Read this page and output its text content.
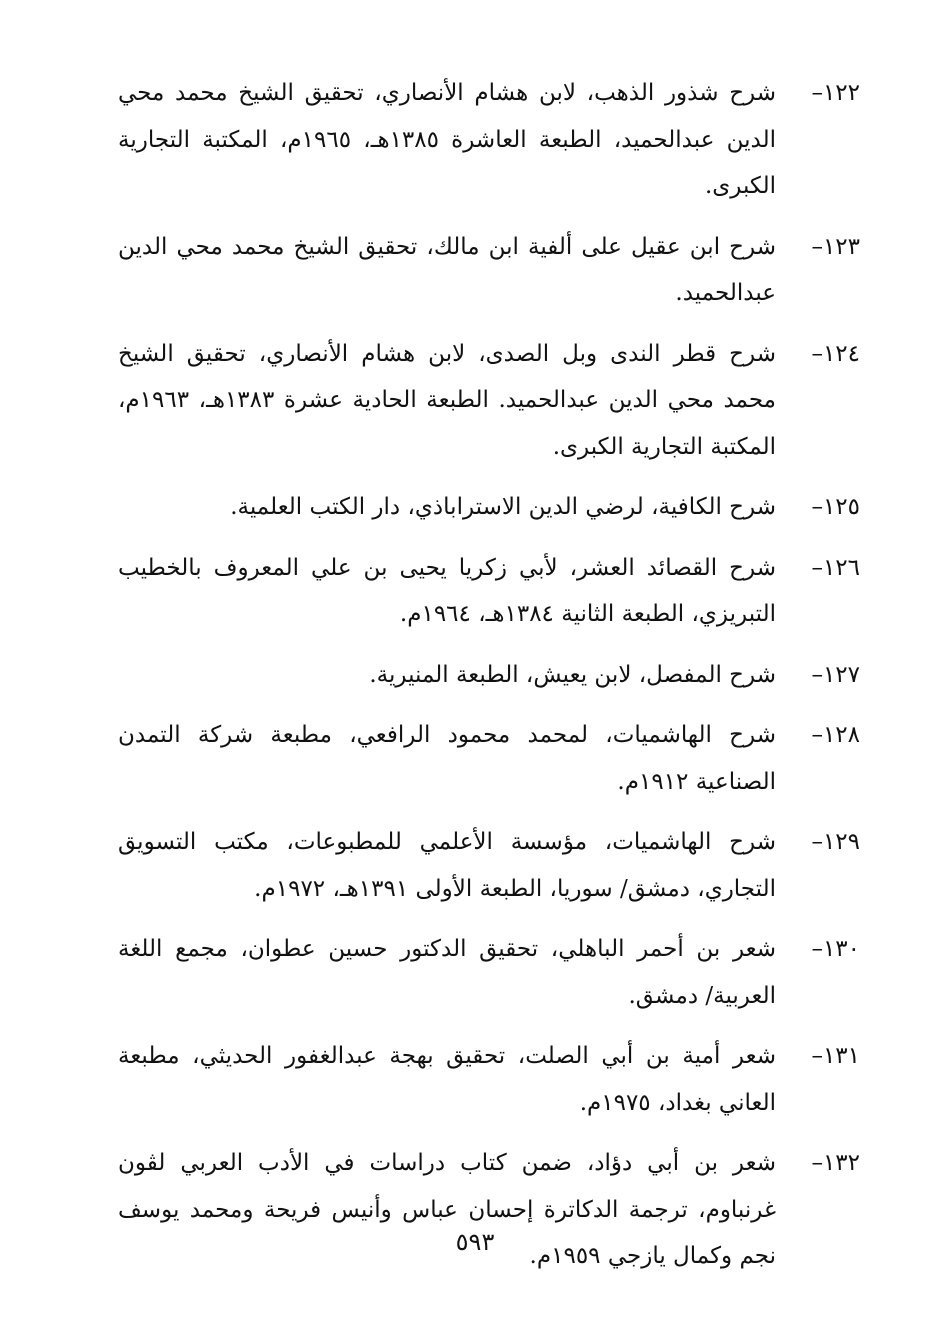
١٢٢–
شرح شذور الذهب، لابن هشام الأنصاري، تحقيق الشيخ محمد محي الدين عبدالحميد، الطبعة العاشرة ١٣٨٥هـ، ١٩٦٥م، المكتبة التجارية الكبرى.
١٢٣–
شرح ابن عقيل على ألفية ابن مالك، تحقيق الشيخ محمد محي الدين عبدالحميد.
١٢٤–
شرح قطر الندى وبل الصدى، لابن هشام الأنصاري، تحقيق الشيخ محمد محي الدين عبدالحميد. الطبعة الحادية عشرة ١٣٨٣هـ، ١٩٦٣م، المكتبة التجارية الكبرى.
١٢٥–
شرح الكافية، لرضي الدين الاستراباذي، دار الكتب العلمية.
١٢٦–
شرح القصائد العشر، لأبي زكريا يحيى بن علي المعروف بالخطيب التبريزي، الطبعة الثانية ١٣٨٤هـ، ١٩٦٤م.
١٢٧–
شرح المفصل، لابن يعيش، الطبعة المنيرية.
١٢٨–
شرح الهاشميات، لمحمد محمود الرافعي، مطبعة شركة التمدن الصناعية ١٩١٢م.
١٢٩–
شرح الهاشميات، مؤسسة الأعلمي للمطبوعات، مكتب التسويق التجاري، دمشق/ سوريا، الطبعة الأولى ١٣٩١هـ، ١٩٧٢م.
١٣٠–
شعر بن أحمر الباهلي، تحقيق الدكتور حسين عطوان، مجمع اللغة العربية/ دمشق.
١٣١–
شعر أمية بن أبي الصلت، تحقيق بهجة عبدالغفور الحديثي، مطبعة العاني بغداد، ١٩٧٥م.
١٣٢–
شعر بن أبي دؤاد، ضمن كتاب دراسات في الأدب العربي لڤون غرنباوم، ترجمة الدكاترة إحسان عباس وأنيس فريحة ومحمد يوسف نجم وكمال يازجي ١٩٥٩م.
٥٩٣
